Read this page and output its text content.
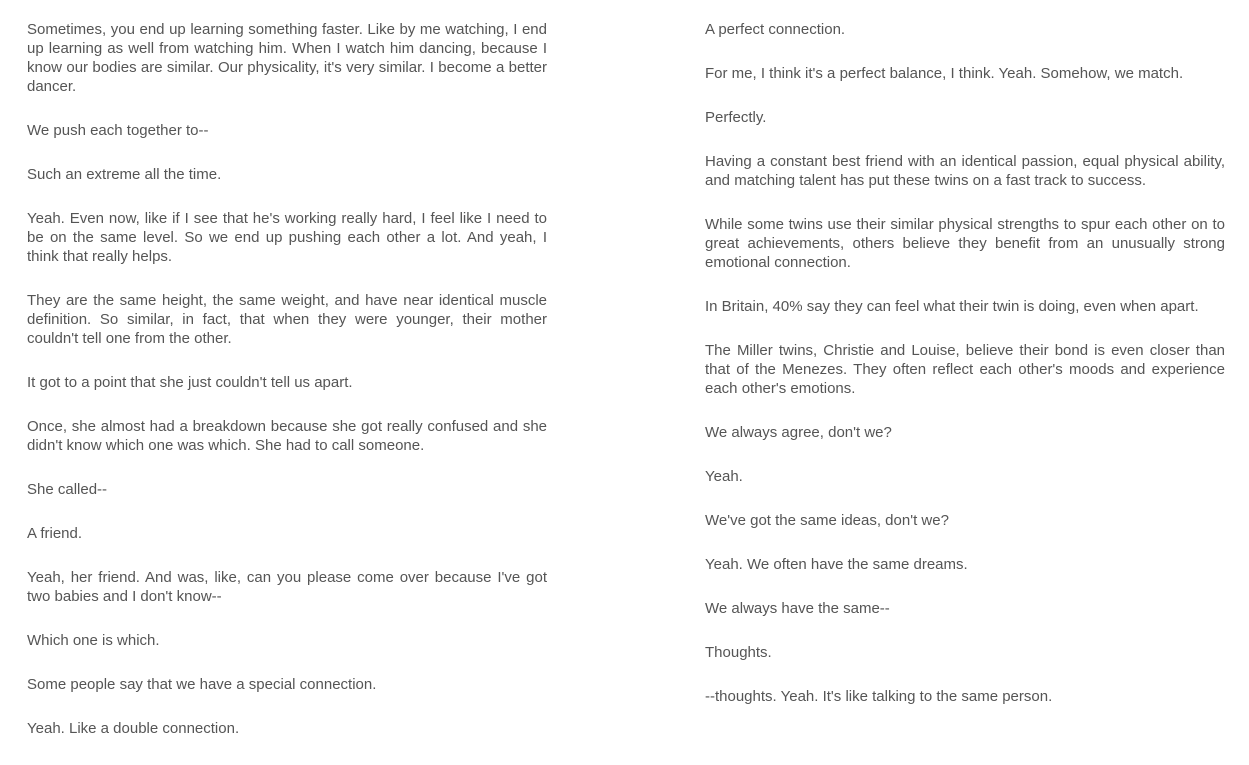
Sometimes, you end up learning something faster. Like by me watching, I end up learning as well from watching him. When I watch him dancing, because I know our bodies are similar. Our physicality, it's very similar. I become a better dancer.

We push each together to--

Such an extreme all the time.

Yeah. Even now, like if I see that he's working really hard, I feel like I need to be on the same level. So we end up pushing each other a lot. And yeah, I think that really helps.

They are the same height, the same weight, and have near identical muscle definition. So similar, in fact, that when they were younger, their mother couldn't tell one from the other.

It got to a point that she just couldn't tell us apart.

Once, she almost had a breakdown because she got really confused and she didn't know which one was which. She had to call someone.

She called--

A friend.

Yeah, her friend. And was, like, can you please come over because I've got two babies and I don't know--

Which one is which.

Some people say that we have a special connection.

Yeah. Like a double connection.

A perfect connection.

For me, I think it's a perfect balance, I think. Yeah. Somehow, we match.

Perfectly.

Having a constant best friend with an identical passion, equal physical ability, and matching talent has put these twins on a fast track to success.

While some twins use their similar physical strengths to spur each other on to great achievements, others believe they benefit from an unusually strong emotional connection.

In Britain, 40% say they can feel what their twin is doing, even when apart.

The Miller twins, Christie and Louise, believe their bond is even closer than that of the Menezes. They often reflect each other's moods and experience each other's emotions.

We always agree, don't we?

Yeah.

We've got the same ideas, don't we?

Yeah. We often have the same dreams.

We always have the same--

Thoughts.

--thoughts. Yeah. It's like talking to the same person.
